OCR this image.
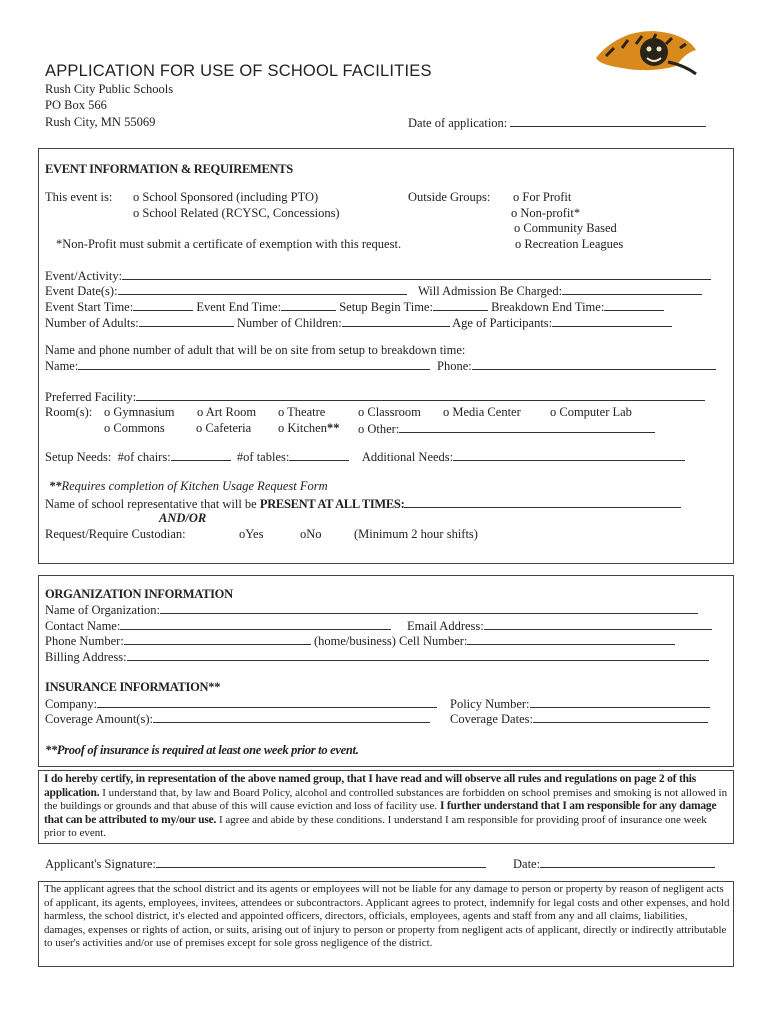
APPLICATION FOR USE OF SCHOOL FACILITIES
Rush City Public Schools
PO Box 566
Rush City, MN 55069	Date of application:
EVENT INFORMATION & REQUIREMENTS
This event is: o School Sponsored (including PTO)
o School Related (RCYSC, Concessions)
*Non-Profit must submit a certificate of exemption with this request.
Outside Groups: o For Profit
o Non-profit*
o Community Based
o Recreation Leagues
Event/Activity:
Event Date(s):	Will Admission Be Charged:
Event Start Time:	Event End Time:	Setup Begin Time:	Breakdown End Time:
Number of Adults:	Number of Children:	Age of Participants:
Name and phone number of adult that will be on site from setup to breakdown time:
Name:	Phone:
Preferred Facility:
Room(s): o Gymnasium o Art Room o Theatre	o Classroom o Media Center o Computer Lab
o Commons o Cafeteria o Kitchen** o Other:
Setup Needs: #of chairs:	#of tables:	Additional Needs:
**Requires completion of Kitchen Usage Request Form
Name of school representative that will be PRESENT AT ALL TIMES:
AND/OR
Request/Require Custodian:	oYes	oNo	(Minimum 2 hour shifts)
ORGANIZATION INFORMATION
Name of Organization:
Contact Name:	Email Address:
Phone Number:	(home/business) Cell Number:
Billing Address:
INSURANCE INFORMATION**
Company:	Policy Number:
Coverage Amount(s):	Coverage Dates:
**Proof of insurance is required at least one week prior to event.
I do hereby certify, in representation of the above named group, that I have read and will observe all rules and regulations on page 2 of this application. I understand that, by law and Board Policy, alcohol and controlled substances are forbidden on school premises and smoking is not allowed in the buildings or grounds and that abuse of this will cause eviction and loss of facility use. I further understand that I am responsible for any damage that can be attributed to my/our use. I agree and abide by these conditions. I understand I am responsible for providing proof of insurance one week prior to event.
Applicant's Signature:	Date:
The applicant agrees that the school district and its agents or employees will not be liable for any damage to person or property by reason of negligent acts of applicant, its agents, employees, invitees, attendees or subcontractors. Applicant agrees to protect, indemnify for legal costs and other expenses, and hold harmless, the school district, it's elected and appointed officers, directors, officials, employees, agents and staff from any and all claims, liabilities, damages, expenses or rights of action, or suits, arising out of injury to person or property from negligent acts of applicant, directly or indirectly attributable to user's activities and/or use of premises except for sole gross negligence of the district.
